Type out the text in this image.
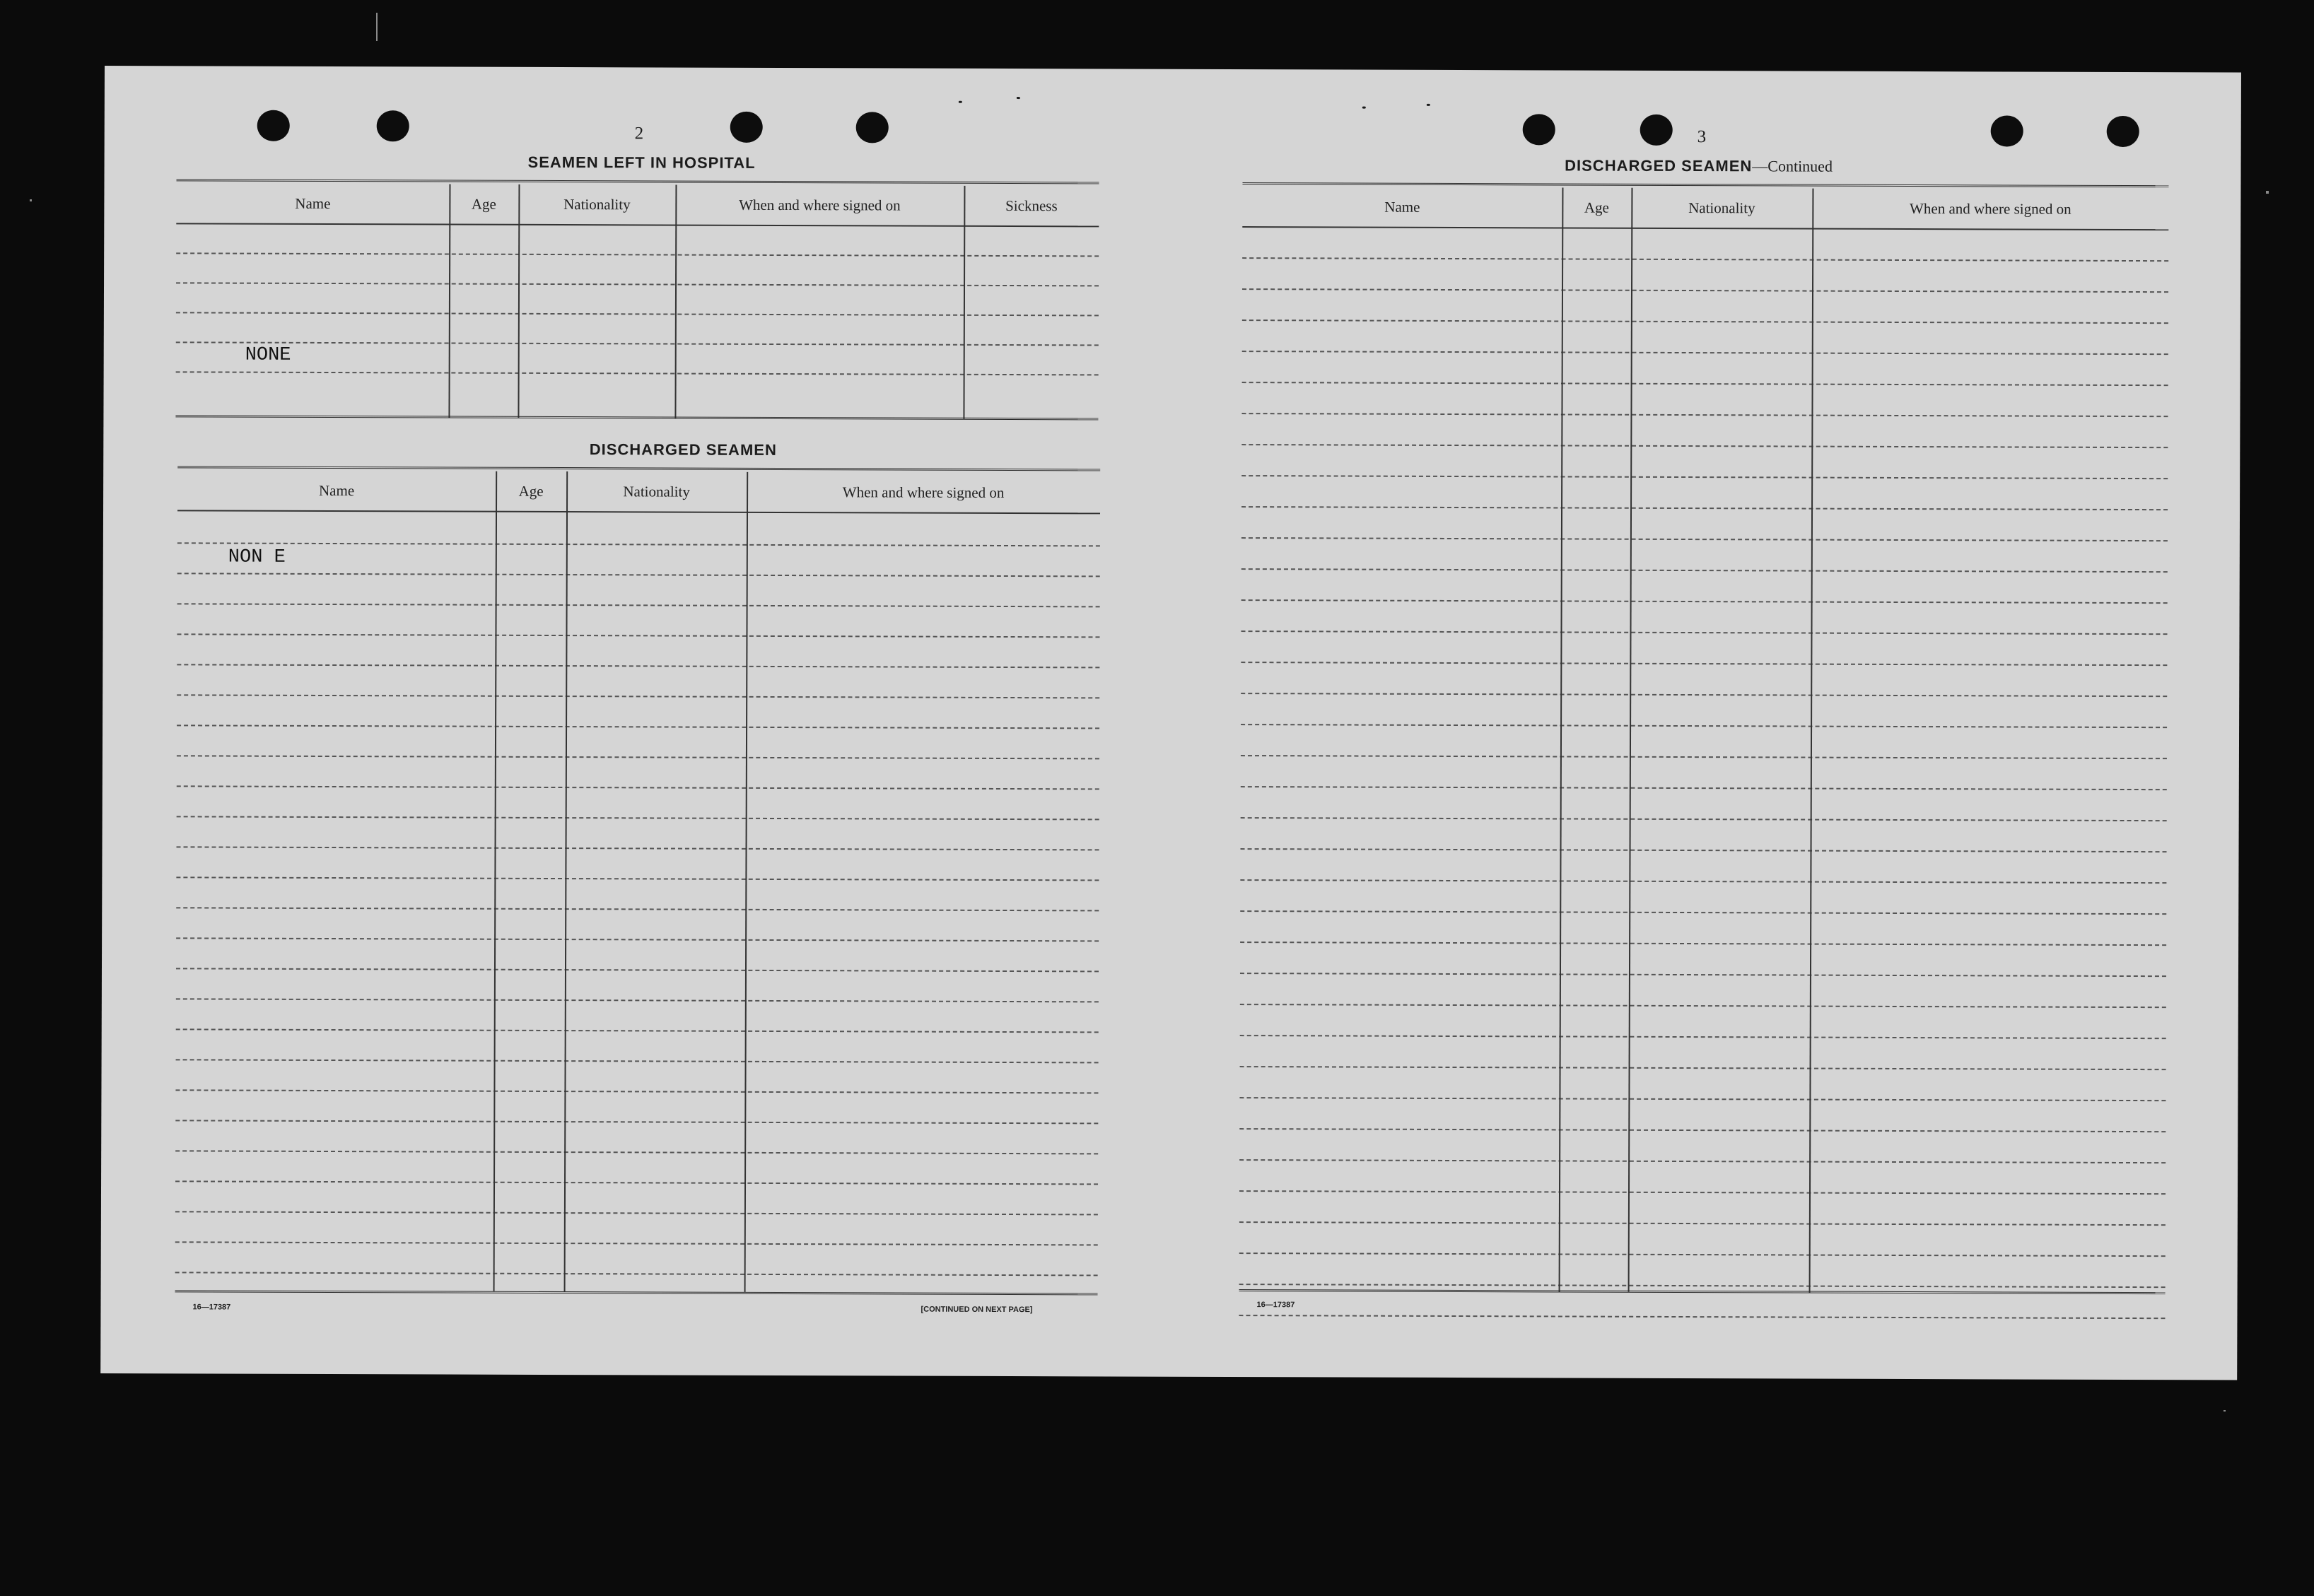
2
SEAMEN LEFT IN HOSPITAL
Name	Age	Nationality	When and where signed on	Sickness
NONE
DISCHARGED SEAMEN
Name	Age	Nationality	When and where signed on
NON E
16—17387	[CONTINUED ON NEXT PAGE]
3
DISCHARGED SEAMEN—Continued
Name	Age	Nationality	When and where signed on
16—17387
